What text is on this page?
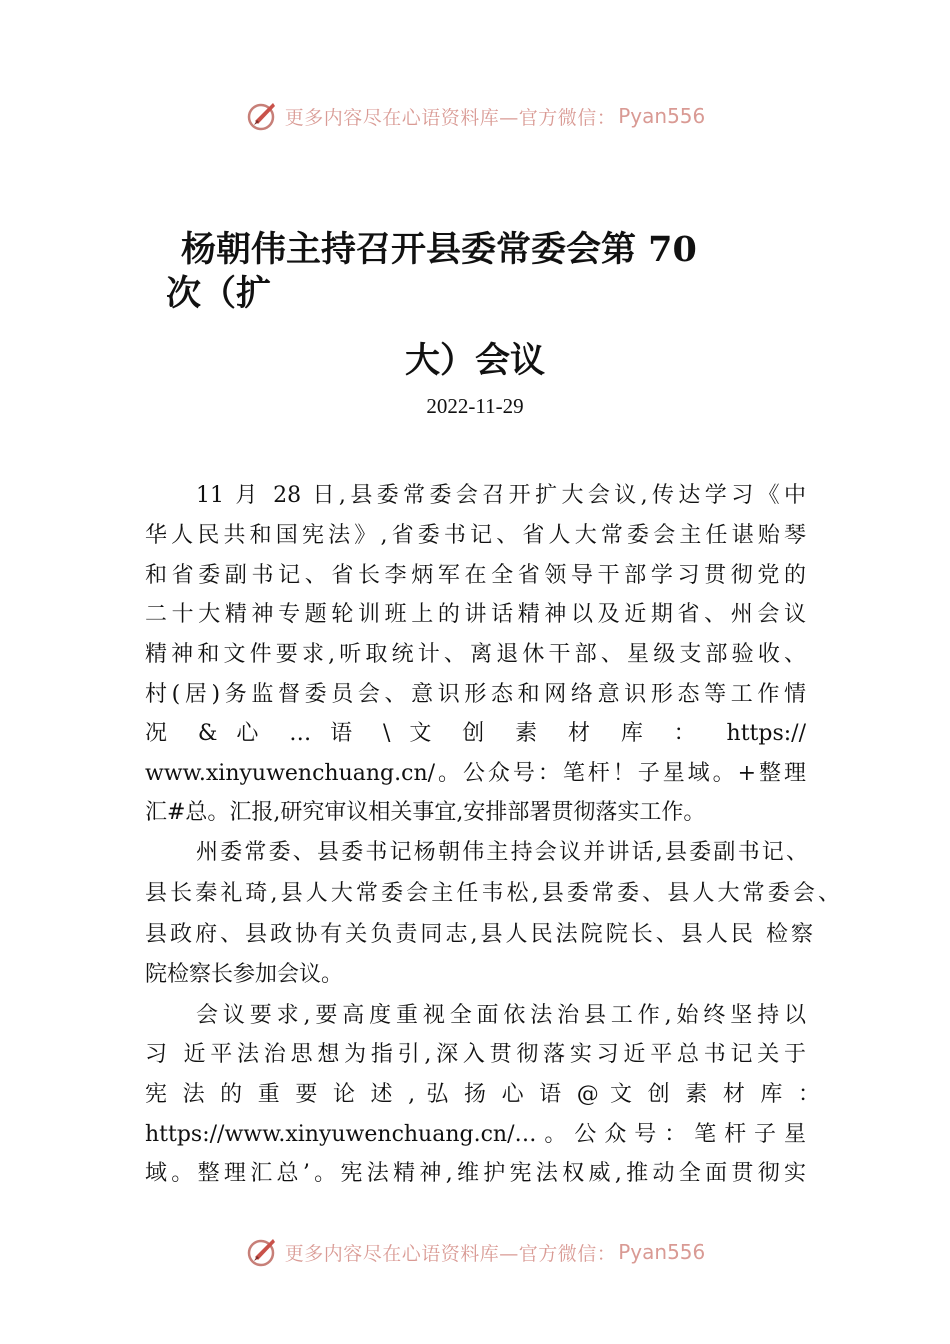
更多内容尽在心语资料库—官方微信： Pyan556
杨朝伟主持召开县委常委会第 70
次（扩
大）会议
2022-11-29
11 月 28 日,县委常委会召开扩大会议,传达学习《中
华人民共和国宪法》,省委书记、省人大常委会主任谌贻琴
和省委副书记、省长李炳军在全省领导干部学习贯彻党的
二十大精神专题轮训班上的讲话精神以及近期省、州会议
精神和文件要求,听取统计、离退休干部、星级支部验收、
村(居)务监督委员会、意识形态和网络意识形态等工作情
况 & 心 … 语 \ 文 创 素 材 库 ： https://
www.xinyuwenchuang.cn/。公众号：笔杆！子星域。+整理
汇#总。汇报,研究审议相关事宜,安排部署贯彻落实工作。
州委常委、县委书记杨朝伟主持会议并讲话,县委副书记、
县长秦礼琦,县人大常委会主任韦松,县委常委、县人大常委会、
县政府、县政协有关负责同志,县人民法院院长、县人民 检察
院检察长参加会议。
会议要求,要高度重视全面依法治县工作,始终坚持以
习 近平法治思想为指引,深入贯彻落实习近平总书记关于
宪 法 的 重 要 论 述 , 弘 扬 心 语 @ 文 创 素 材 库 ：
https://www.xinyuwenchuang.cn/…。公众号：笔杆子星
域。整理汇总’。宪法精神,维护宪法权威,推动全面贯彻实
更多内容尽在心语资料库—官方微信： Pyan556
